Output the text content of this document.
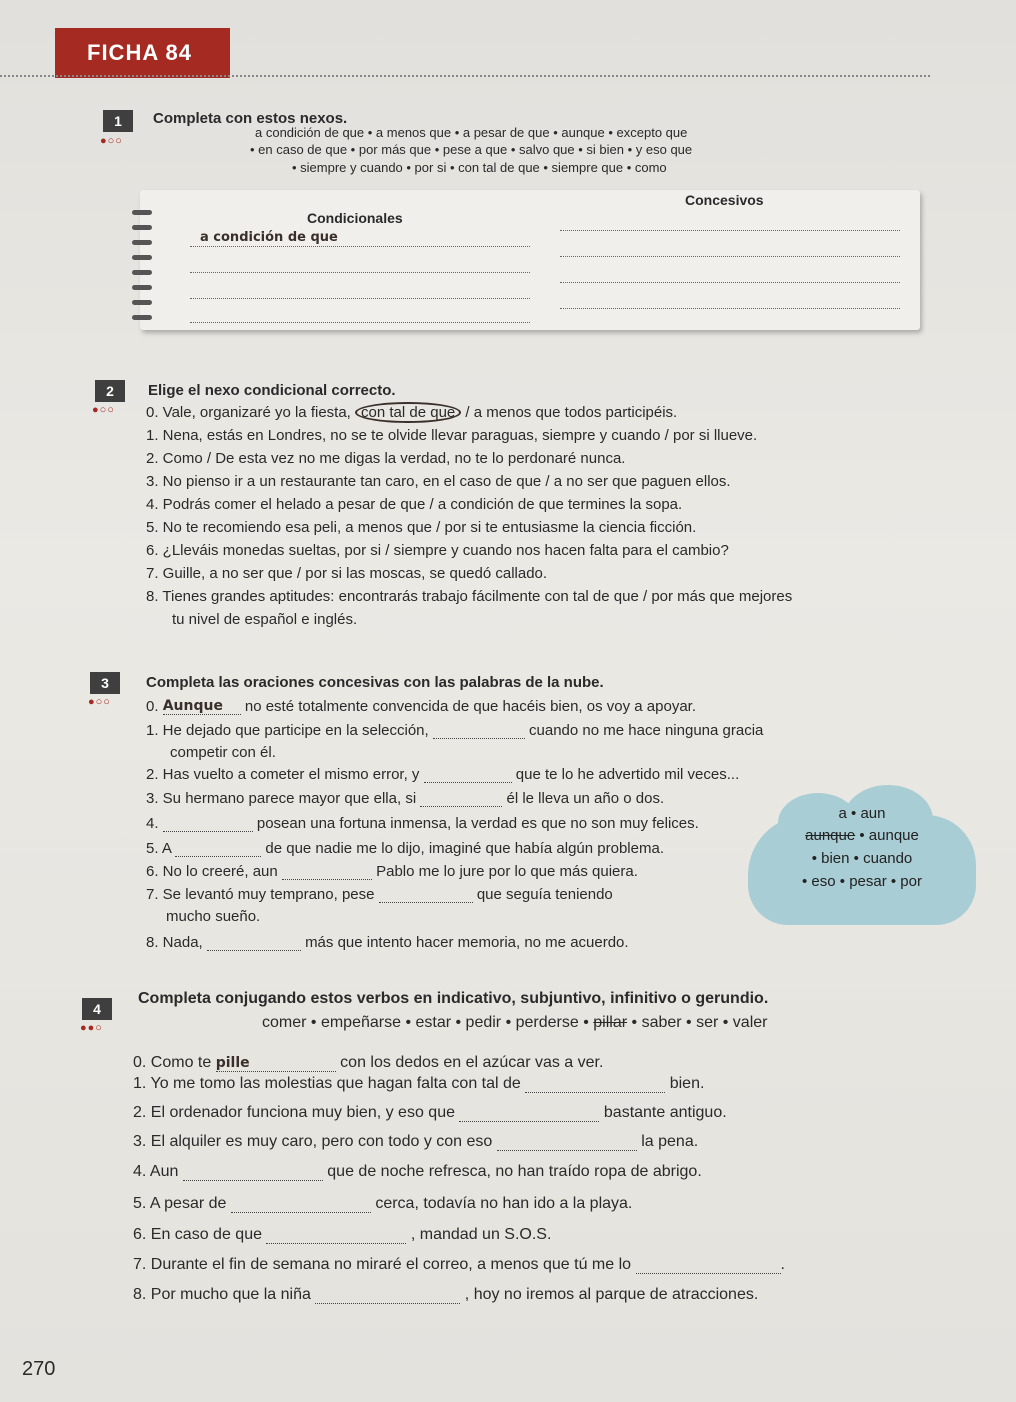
FICHA 84
1
●○○
Completa con estos nexos.
a condición de que • a menos que • a pesar de que • aunque • excepto que
• en caso de que • por más que • pese a que • salvo que • si bien • y eso que
• siempre y cuando • por si • con tal de que • siempre que • como
Condicionales
Concesivos
a condición de que
2
●○○
Elige el nexo condicional correcto.
0. Vale, organizaré yo la fiesta, con tal de que / a menos que todos participéis.
1. Nena, estás en Londres, no se te olvide llevar paraguas, siempre y cuando / por si llueve.
2. Como / De esta vez no me digas la verdad, no te lo perdonaré nunca.
3. No pienso ir a un restaurante tan caro, en el caso de que / a no ser que paguen ellos.
4. Podrás comer el helado a pesar de que / a condición de que termines la sopa.
5. No te recomiendo esa peli, a menos que / por si te entusiasme la ciencia ficción.
6. ¿Lleváis monedas sueltas, por si / siempre y cuando nos hacen falta para el cambio?
7. Guille, a no ser que / por si las moscas, se quedó callado.
8. Tienes grandes aptitudes: encontrarás trabajo fácilmente con tal de que / por más que mejores
tu nivel de español e inglés.
3
●○○
Completa las oraciones concesivas con las palabras de la nube.
0. Aunque no esté totalmente convencida de que hacéis bien, os voy a apoyar.
1. He dejado que participe en la selección,	cuando no me hace ninguna gracia
competir con él.
2. Has vuelto a cometer el mismo error, y	que te lo he advertido mil veces...
3. Su hermano parece mayor que ella, si	él le lleva un año o dos.
4.	posean una fortuna inmensa, la verdad es que no son muy felices.
5. A	de que nadie me lo dijo, imaginé que había algún problema.
6. No lo creeré, aun	Pablo me lo jure por lo que más quiera.
7. Se levantó muy temprano, pese	que seguía teniendo
mucho sueño.
8. Nada,	más que intento hacer memoria, no me acuerdo.
a • aun
aunque • aunque
• bien • cuando
• eso • pesar • por
4
●●○
Completa conjugando estos verbos en indicativo, subjuntivo, infinitivo o gerundio.
comer • empeñarse • estar • pedir • perderse • pillar • saber • ser • valer
0. Como te pille	con los dedos en el azúcar vas a ver.
1. Yo me tomo las molestias que hagan falta con tal de	bien.
2. El ordenador funciona muy bien, y eso que	bastante antiguo.
3. El alquiler es muy caro, pero con todo y con eso	la pena.
4. Aun	que de noche refresca, no han traído ropa de abrigo.
5. A pesar de	cerca, todavía no han ido a la playa.
6. En caso de que	, mandad un S.O.S.
7. Durante el fin de semana no miraré el correo, a menos que tú me lo	.
8. Por mucho que la niña	, hoy no iremos al parque de atracciones.
270
